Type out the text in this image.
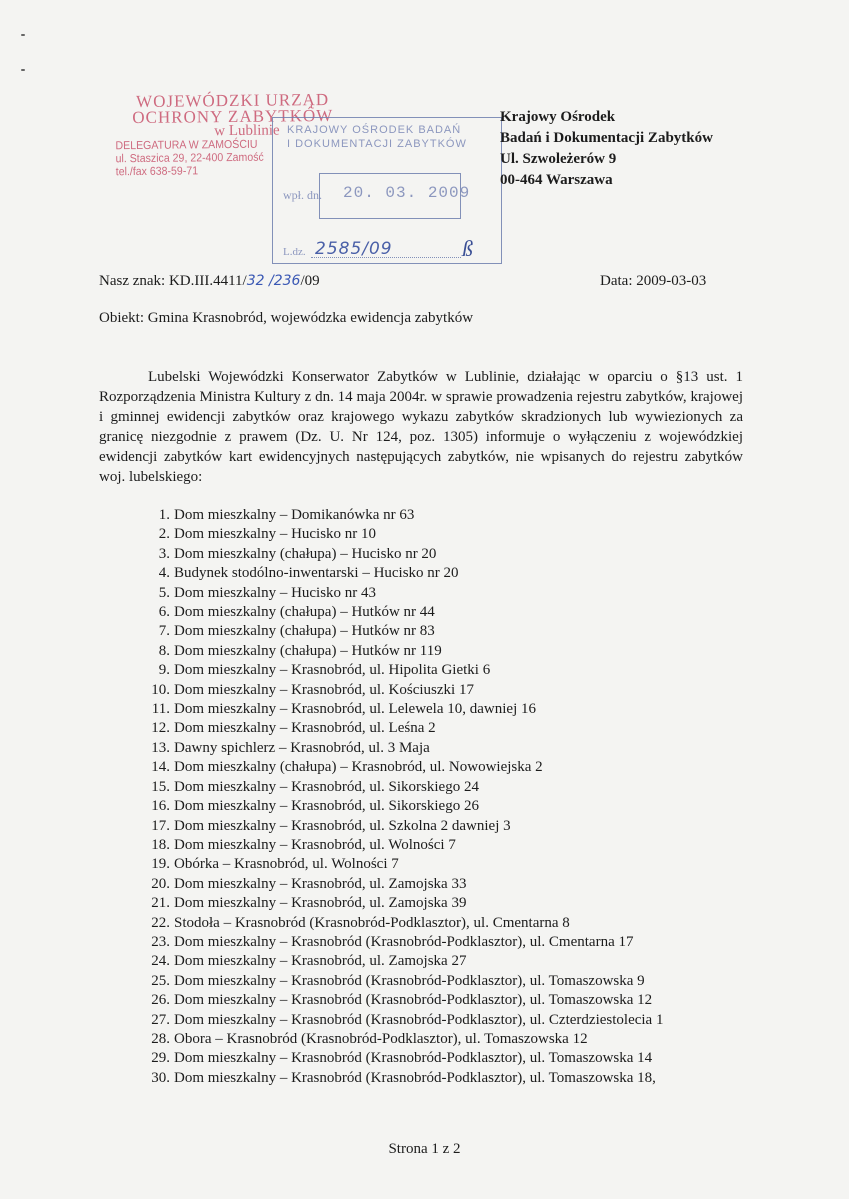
WOJEWÓDZKI URZĄD
OCHRONY ZABYTKÓW
w Lublinie
DELEGATURA W ZAMOŚCIU
ul. Staszica 29, 22-400 Zamość
tel./fax 638-59-71
KRAJOWY OŚRODEK BADAŃ
I DOKUMENTACJI ZABYTKÓW
wpł. dn. 20. 03. 2009
L.dz. 2585/09	ß
Krajowy Ośrodek
Badań i Dokumentacji Zabytków
Ul. Szwoleżerów 9
00-464 Warszawa
Nasz znak: KD.III.4411/32 /236/09	Data: 2009-03-03
Obiekt: Gmina Krasnobród, wojewódzka ewidencja zabytków

Lubelski Wojewódzki Konserwator Zabytków w Lublinie, działając w oparciu o §13 ust. 1 Rozporządzenia Ministra Kultury z dn. 14 maja 2004r. w sprawie prowadzenia rejestru zabytków, krajowej i gminnej ewidencji zabytków oraz krajowego wykazu zabytków skradzionych lub wywiezionych za granicę niezgodnie z prawem (Dz. U. Nr 124, poz. 1305) informuje o wyłączeniu z wojewódzkiej ewidencji zabytków kart ewidencyjnych następujących zabytków, nie wpisanych do rejestru zabytków woj. lubelskiego:

1.
Dom mieszkalny – Domikanówka nr 63
2.
Dom mieszkalny – Hucisko nr 10
3.
Dom mieszkalny (chałupa) – Hucisko nr 20
4.
Budynek stodólno-inwentarski – Hucisko nr 20
5.
Dom mieszkalny – Hucisko nr 43
6.
Dom mieszkalny (chałupa) – Hutków nr 44
7.
Dom mieszkalny (chałupa) – Hutków nr 83
8.
Dom mieszkalny (chałupa) – Hutków nr 119
9.
Dom mieszkalny – Krasnobród, ul. Hipolita Gietki 6
10.
Dom mieszkalny – Krasnobród, ul. Kościuszki 17
11.
Dom mieszkalny – Krasnobród, ul. Lelewela 10, dawniej 16
12.
Dom mieszkalny – Krasnobród, ul. Leśna 2
13.
Dawny spichlerz – Krasnobród, ul. 3 Maja
14.
Dom mieszkalny (chałupa) – Krasnobród, ul. Nowowiejska 2
15.
Dom mieszkalny – Krasnobród, ul. Sikorskiego 24
16.
Dom mieszkalny – Krasnobród, ul. Sikorskiego 26
17.
Dom mieszkalny – Krasnobród, ul. Szkolna 2 dawniej 3
18.
Dom mieszkalny – Krasnobród, ul. Wolności 7
19.
Obórka – Krasnobród, ul. Wolności 7
20.
Dom mieszkalny – Krasnobród, ul. Zamojska 33
21.
Dom mieszkalny – Krasnobród, ul. Zamojska 39
22.
Stodoła – Krasnobród (Krasnobród-Podklasztor), ul. Cmentarna 8
23.
Dom mieszkalny – Krasnobród (Krasnobród-Podklasztor), ul. Cmentarna 17
24.
Dom mieszkalny – Krasnobród, ul. Zamojska 27
25.
Dom mieszkalny – Krasnobród (Krasnobród-Podklasztor), ul. Tomaszowska 9
26.
Dom mieszkalny – Krasnobród (Krasnobród-Podklasztor), ul. Tomaszowska 12
27.
Dom mieszkalny – Krasnobród (Krasnobród-Podklasztor), ul. Czterdziestolecia 1
28.
Obora – Krasnobród (Krasnobród-Podklasztor), ul. Tomaszowska 12
29.
Dom mieszkalny – Krasnobród (Krasnobród-Podklasztor), ul. Tomaszowska 14
30.
Dom mieszkalny – Krasnobród (Krasnobród-Podklasztor), ul. Tomaszowska 18,
Strona 1 z 2
